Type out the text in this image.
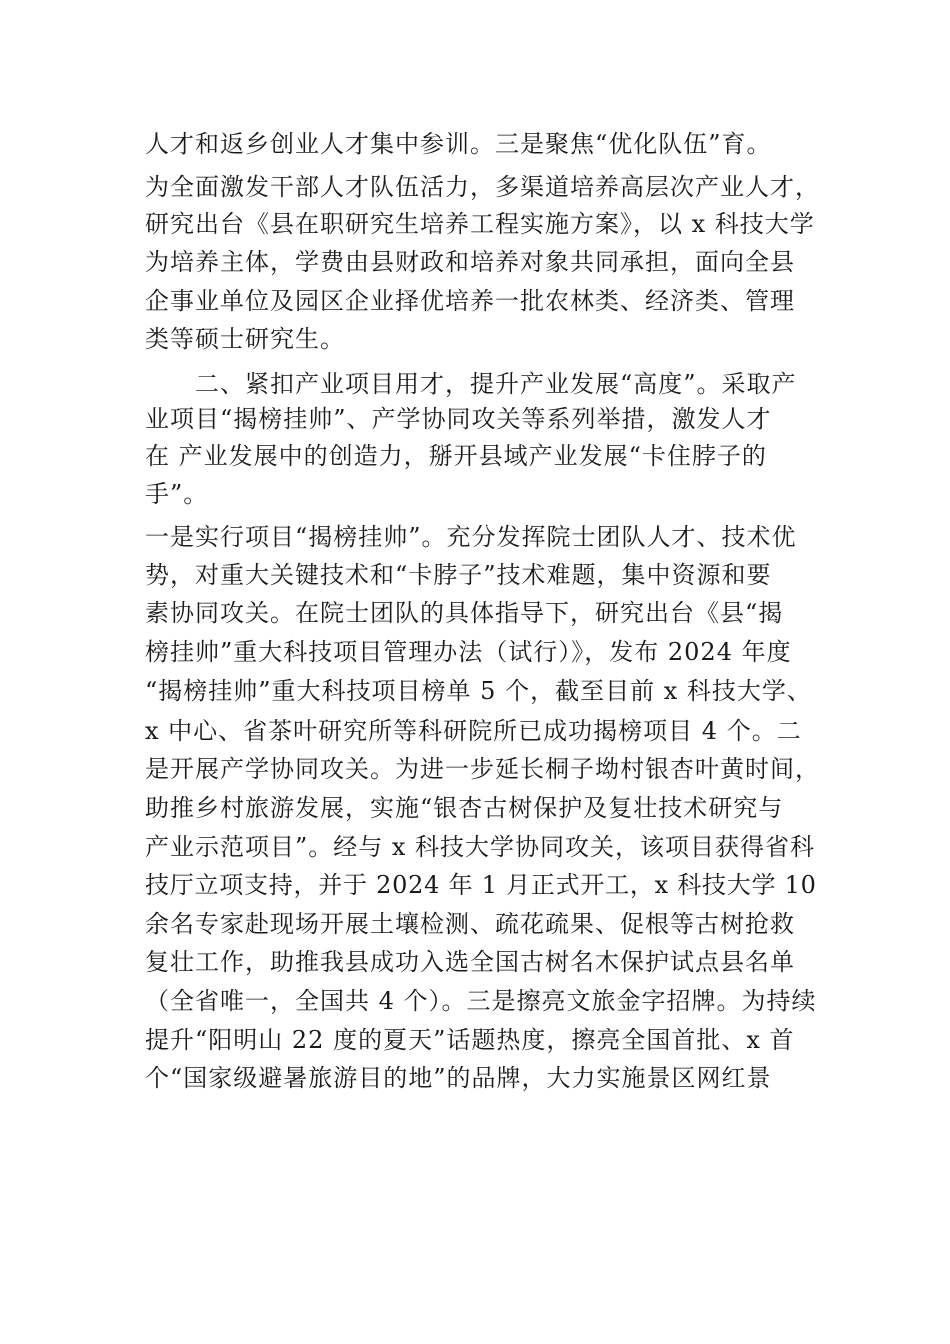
人才和返乡创业人才集中参训。三是聚焦“优化队伍”育。
为全面激发干部人才队伍活力，多渠道培养高层次产业人才，
研究出台《县在职研究生培养工程实施方案》，以 x 科技大学
为培养主体，学费由县财政和培养对象共同承担，面向全县
企事业单位及园区企业择优培养一批农林类、经济类、管理
类等硕士研究生。
二、紧扣产业项目用才，提升产业发展“高度”。采取产
业项目“揭榜挂帅”、产学协同攻关等系列举措，激发人才
在 产业发展中的创造力，掰开县域产业发展“卡住脖子的
手”。
一是实行项目“揭榜挂帅”。充分发挥院士团队人才、技术优
势，对重大关键技术和“卡脖子”技术难题，集中资源和要
素协同攻关。在院士团队的具体指导下，研究出台《县“揭
榜挂帅”重大科技项目管理办法（试行）》，发布 2024 年度
“揭榜挂帅”重大科技项目榜单 5 个，截至目前 x 科技大学、
x 中心、省茶叶研究所等科研院所已成功揭榜项目 4 个。二
是开展产学协同攻关。为进一步延长桐子坳村银杏叶黄时间，
助推乡村旅游发展，实施“银杏古树保护及复壮技术研究与
产业示范项目”。经与 x 科技大学协同攻关，该项目获得省科
技厅立项支持，并于 2024 年 1 月正式开工，x 科技大学 10
余名专家赴现场开展土壤检测、疏花疏果、促根等古树抢救
复壮工作，助推我县成功入选全国古树名木保护试点县名单
（全省唯一，全国共 4 个）。三是擦亮文旅金字招牌。为持续
提升“阳明山 22 度的夏天”话题热度，擦亮全国首批、x 首
个“国家级避暑旅游目的地”的品牌，大力实施景区网红景
